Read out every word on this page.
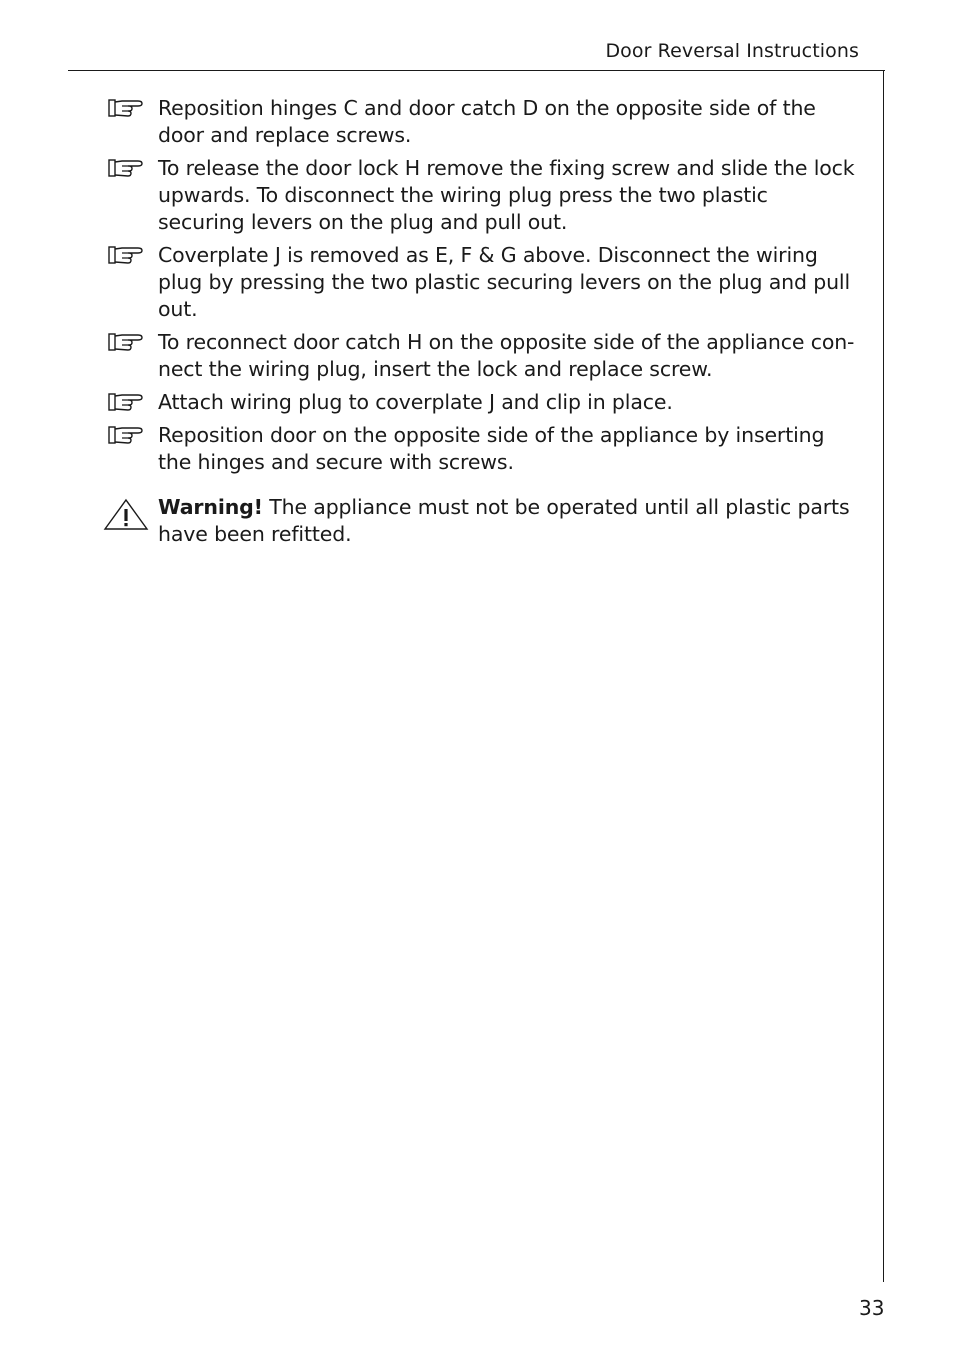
Door Reversal Instructions
Reposition hinges C and door catch D on the opposite side of the door and replace screws.
To release the door lock H remove the fixing screw and slide the lock upwards. To disconnect the wiring plug press the two plastic securing levers on the plug and pull out.
Coverplate J is removed as E, F & G above. Disconnect the wiring plug by pressing the two plastic securing levers on the plug and pull out.
To reconnect door catch H on the opposite side of the appliance con-nect the wiring plug, insert the lock and replace screw.
Attach wiring plug to coverplate J and clip in place.
Reposition door on the opposite side of the appliance by inserting the hinges and secure with screws.
Warning! The appliance must not be operated until all plastic parts have been refitted.
33
